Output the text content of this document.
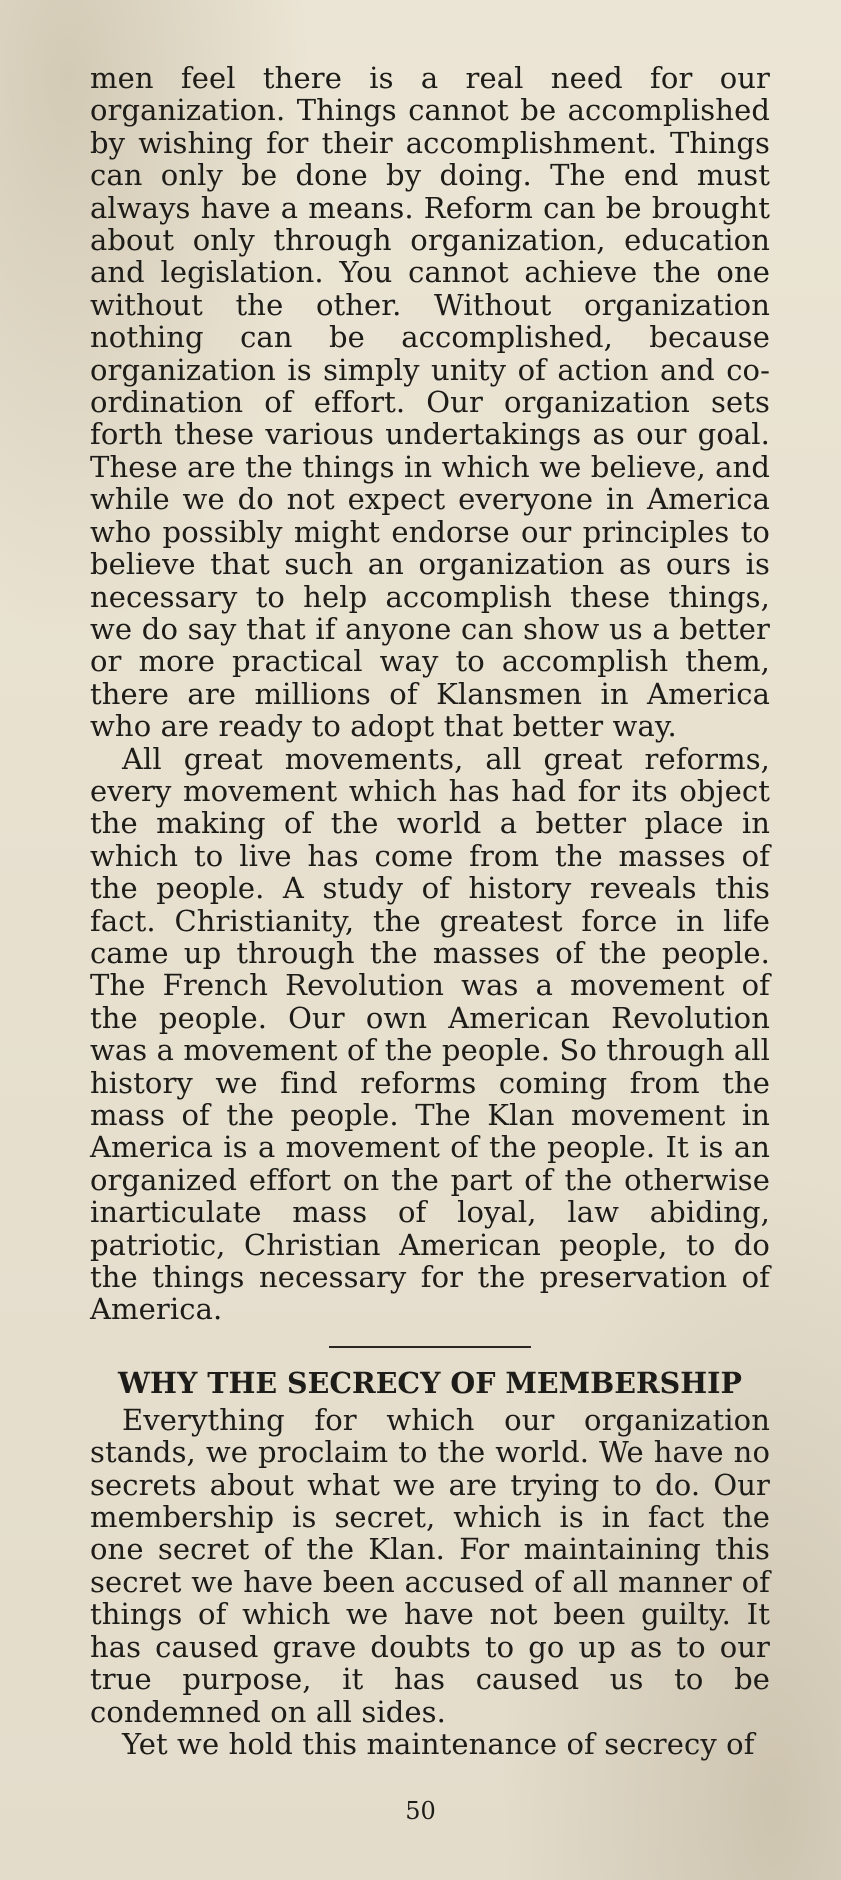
men feel there is a real need for our organization. Things cannot be accomplished by wishing for their accomplishment. Things can only be done by doing. The end must always have a means. Reform can be brought about only through organization, education and legislation. You cannot achieve the one without the other. Without organization nothing can be accomplished, because organization is simply unity of action and co-ordination of effort. Our organization sets forth these various undertakings as our goal. These are the things in which we believe, and while we do not expect everyone in America who possibly might endorse our principles to believe that such an organization as ours is necessary to help accomplish these things, we do say that if anyone can show us a better or more practical way to accomplish them, there are millions of Klansmen in America who are ready to adopt that better way.

All great movements, all great reforms, every movement which has had for its object the making of the world a better place in which to live has come from the masses of the people. A study of history reveals this fact. Christianity, the greatest force in life came up through the masses of the people. The French Revolution was a movement of the people. Our own American Revolution was a movement of the people. So through all history we find reforms coming from the mass of the people. The Klan movement in America is a movement of the people. It is an organized effort on the part of the otherwise inarticulate mass of loyal, law abiding, patriotic, Christian American people, to do the things necessary for the preservation of America.

WHY THE SECRECY OF MEMBERSHIP

Everything for which our organization stands, we proclaim to the world. We have no secrets about what we are trying to do. Our membership is secret, which is in fact the one secret of the Klan. For maintaining this secret we have been accused of all manner of things of which we have not been guilty. It has caused grave doubts to go up as to our true purpose, it has caused us to be condemned on all sides.

Yet we hold this maintenance of secrecy of

50
